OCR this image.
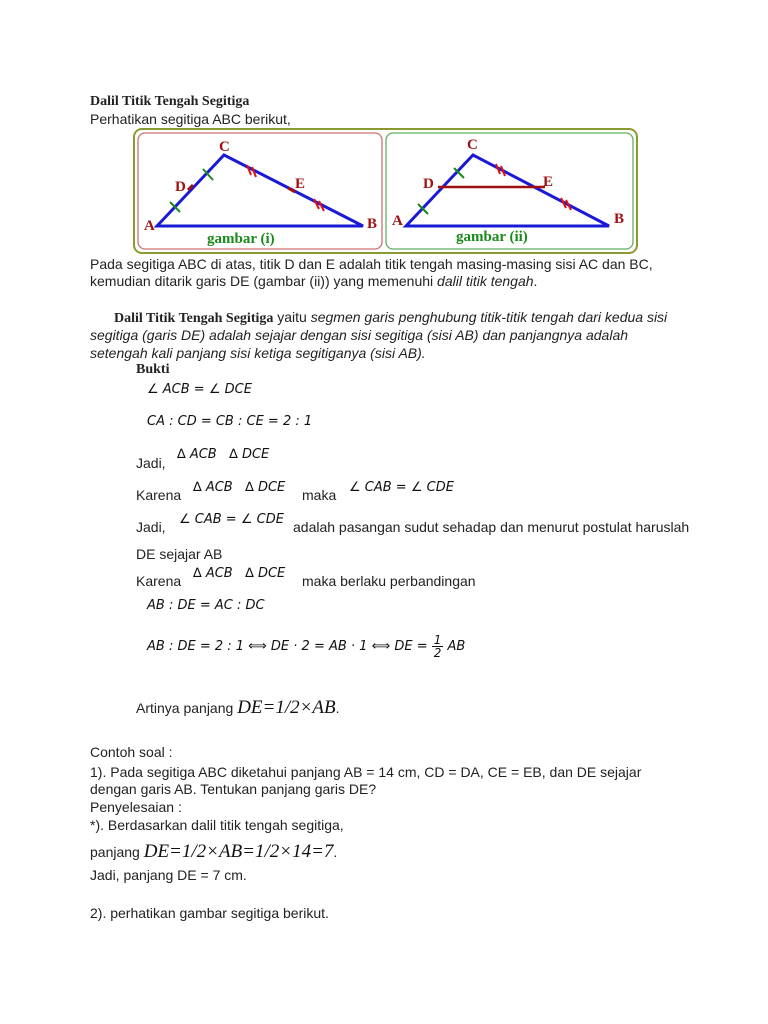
Dalil Titik Tengah Segitiga
Perhatikan segitiga ABC berikut,
A	B
C
D	E
gambar (i)
A	B
C
D	E
gambar (ii)
Pada segitiga ABC di atas, titik D dan E adalah titik tengah masing-masing sisi AC dan BC,
kemudian ditarik garis DE (gambar (ii)) yang memenuhi dalil titik tengah.
Dalil Titik Tengah Segitiga yaitu segmen garis penghubung titik-titik tengah dari kedua sisi
segitiga (garis DE) adalah sejajar dengan sisi segitiga (sisi AB) dan panjangnya adalah
setengah kali panjang sisi ketiga segitiganya (sisi AB).
Bukti
∠ ACB = ∠ DCE
CA : CD = CB : CE = 2 : 1
Jadi,
∆ ACB   ∆ DCE
Karena ∆ ACB   ∆ DCE maka ∠ CAB = ∠ CDE
Jadi, ∠ CAB = ∠ CDE adalah pasangan sudut sehadap dan menurut postulat haruslah
DE sejajar AB
Karena ∆ ACB   ∆ DCE maka berlaku perbandingan
AB : DE = AC : DC
AB : DE = 2 : 1 ⟺ DE · 2 = AB · 1 ⟺ DE = $\frac{1}{2}$ AB
Artinya panjang DE=1/2×AB.
Contoh soal :
1). Pada segitiga ABC diketahui panjang AB = 14 cm, CD = DA, CE = EB, dan DE sejajar
dengan garis AB. Tentukan panjang garis DE?
Penyelesaian :
*). Berdasarkan dalil titik tengah segitiga,
panjang DE=1/2×AB=1/2×14=7.
Jadi, panjang DE = 7 cm.
2). perhatikan gambar segitiga berikut.
